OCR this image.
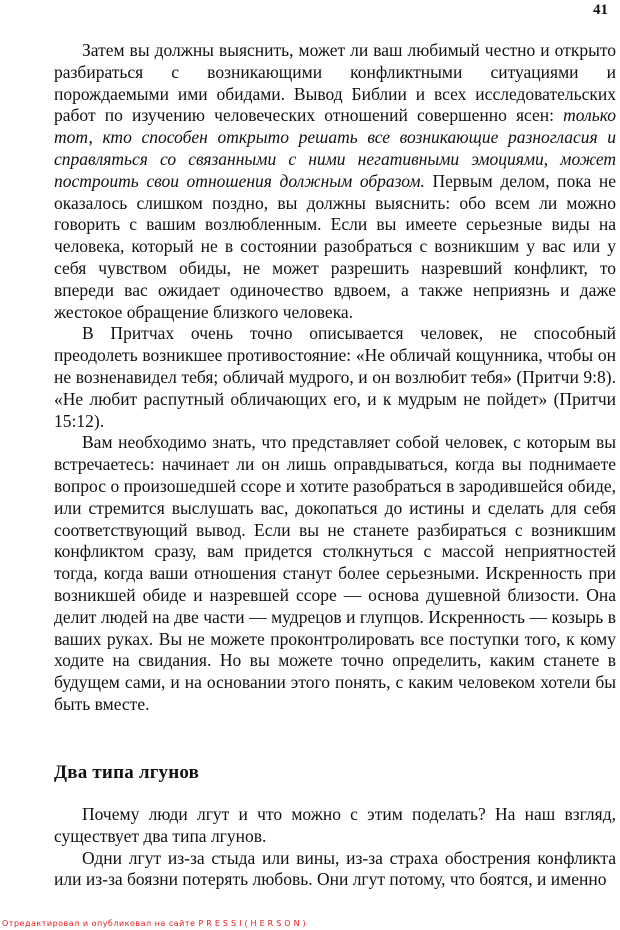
41

Затем вы должны выяснить, может ли ваш любимый честно и открыто разбираться с возникающими конфликтными ситуациями и порождаемыми ими обидами. Вывод Библии и всех исследовательских работ по изучению человеческих отношений совершенно ясен: только тот, кто способен открыто решать все возникающие разногласия и справляться со связанными с ними негативными эмоциями, может построить свои отношения должным образом. Первым делом, пока не оказалось слишком поздно, вы должны выяснить: обо всем ли можно говорить с вашим возлюбленным. Если вы имеете серьезные виды на человека, который не в состоянии разобраться с возникшим у вас или у себя чувством обиды, не может разрешить назревший конфликт, то впереди вас ожидает одиночество вдвоем, а также неприязнь и даже жестокое обращение близкого человека.

В Притчах очень точно описывается человек, не способный преодолеть возникшее противостояние: «Не обличай кощунника, чтобы он не возненавидел тебя; обличай мудрого, и он возлюбит тебя» (Притчи 9:8). «Не любит распутный обличающих его, и к мудрым не пойдет» (Притчи 15:12).

Вам необходимо знать, что представляет собой человек, с которым вы встречаетесь: начинает ли он лишь оправдываться, когда вы поднимаете вопрос о произошедшей ссоре и хотите разобраться в зародившейся обиде, или стремится выслушать вас, докопаться до истины и сделать для себя соответствующий вывод. Если вы не станете разбираться с возникшим конфликтом сразу, вам придется столкнуться с массой неприятностей тогда, когда ваши отношения станут более серьезными. Искренность при возникшей обиде и назревшей ссоре — основа душевной близости. Она делит людей на две части — мудрецов и глупцов. Искренность — козырь в ваших руках. Вы не можете проконтролировать все поступки того, к кому ходите на свидания. Но вы можете точно определить, каким станете в будущем сами, и на основании этого понять, с каким человеком хотели бы быть вместе.

Два типа лгунов

Почему люди лгут и что можно с этим поделать? На наш взгляд, существует два типа лгунов.

Одни лгут из-за стыда или вины, из-за страха обострения конфликта или из-за боязни потерять любовь. Они лгут потому, что боятся, и именно

Отредактировал и опубликовал на сайте PRESSI(HERSON)
